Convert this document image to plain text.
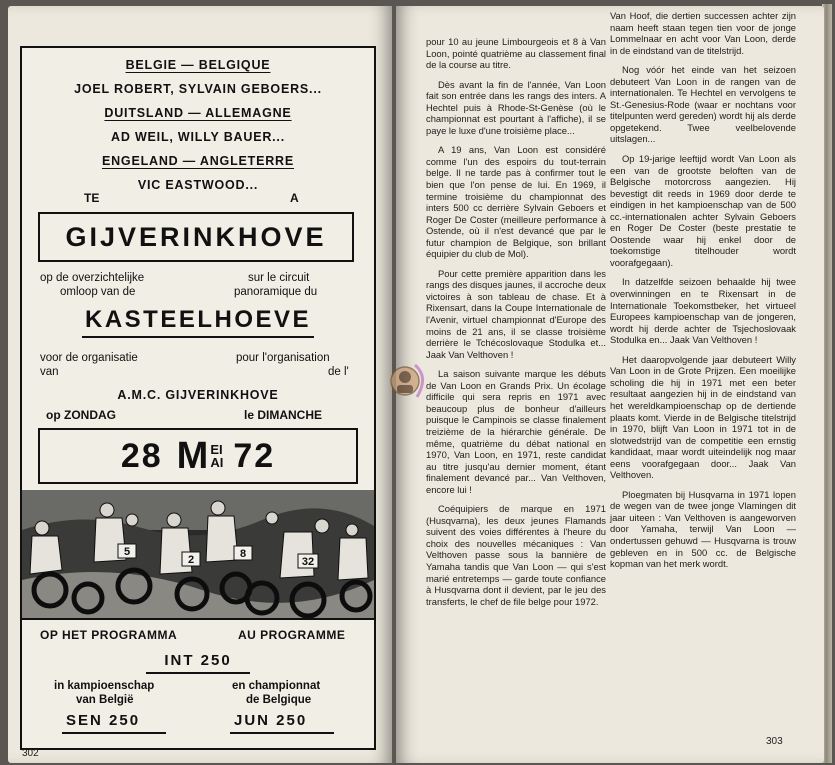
BELGIE — BELGIQUE
JOEL ROBERT, SYLVAIN GEBOERS...
DUITSLAND — ALLEMAGNE
AD WEIL, WILLY BAUER...
ENGELAND — ANGLETERRE
VIC EASTWOOD...
TE	A
GIJVERINKHOVE
op de overzichtelijke	sur le circuit
omloop van de	panoramique du
KASTEELHOEVE
voor de organisatie	pour l'organisation
van	de l'
A.M.C. GIJVERINKHOVE
op ZONDAG	le DIMANCHE
28 M EI
AI 72
5
2	8
32
OP HET PROGRAMMA	AU PROGRAMME
INT 250
in kampioenschap	en championnat
van België	de Belgique
SEN 250	JUN 250
302

pour 10 au jeune Limbourgeois et 8 à Van Loon, pointé quatrième au classement final de la course au titre.

Dès avant la fin de l'année, Van Loon fait son entrée dans les rangs des inters. A Hechtel puis à Rhode-St-Genèse (où le championnat est pourtant à l'affiche), il se paye le luxe d'une troisième place...

A 19 ans, Van Loon est considéré comme l'un des espoirs du tout-terrain belge. Il ne tarde pas à confirmer tout le bien que l'on pense de lui. En 1969, il termine troisième du championnat des inters 500 cc derrière Sylvain Geboers et Roger De Coster (meilleure performance à Ostende, où il n'est devancé que par le futur champion de Belgique, son brillant équipier du club de Mol).

Pour cette première apparition dans les rangs des disques jaunes, il accroche deux victoires à son tableau de chase. Et à Rixensart, dans la Coupe Internationale de l'Avenir, virtuel championnat d'Europe des moins de 21 ans, il se classe troisième derrière le Tchécoslovaque Stodulka et... Jaak Van Velthoven !

La saison suivante marque les débuts de Van Loon en Grands Prix. Un écolage difficile qui sera repris en 1971 avec beaucoup plus de bonheur d'ailleurs puisque le Campinois se classe finalement treizième de la hiérarchie générale. De même, quatrième du débat national en 1970, Van Loon, en 1971, reste candidat au titre jusqu'au dernier moment, étant finalement devancé par... Van Velthoven, encore lui !

Coéquipiers de marque en 1971 (Husqvarna), les deux jeunes Flamands suivent des voies différentes à l'heure du choix des nouvelles mécaniques : Van Velthoven passe sous la bannière de Yamaha tandis que Van Loon — qui s'est marié entretemps — garde toute confiance à Husqvarna dont il devient, par le jeu des transferts, le chef de file belge pour 1972.

Van Hoof, die dertien successen achter zijn naam heeft staan tegen tien voor de jonge Lommelnaar en acht voor Van Loon, derde in de eindstand van de titelstrijd.

Nog vóór het einde van het seizoen debuteert Van Loon in de rangen van de internationalen. Te Hechtel en vervolgens te St.-Genesius-Rode (waar er nochtans voor titelpunten werd gereden) wordt hij als derde opgetekend. Twee veelbelovende uitslagen...

Op 19-jarige leeftijd wordt Van Loon als een van de grootste beloften van de Belgische motorcross aangezien. Hij bevestigt dit reeds in 1969 door derde te eindigen in het kampioenschap van de 500 cc.-internationalen achter Sylvain Geboers en Roger De Coster (beste prestatie te Oostende waar hij enkel door de toekomstige titelhouder wordt voorafgegaan).

In datzelfde seizoen behaalde hij twee overwinningen en te Rixensart in de Internationale Toekomstbeker, het virtueel Europees kampioenschap van de jongeren, wordt hij derde achter de Tsjechoslovaak Stodulka en... Jaak Van Velthoven !

Het daaropvolgende jaar debuteert Willy Van Loon in de Grote Prijzen. Een moeilijke scholing die hij in 1971 met een beter resultaat aangezien hij in de eindstand van het wereldkampioenschap op de dertiende plaats komt. Vierde in de Belgische titelstrijd in 1970, blijft Van Loon in 1971 tot in de slotwedstrijd van de competitie een ernstig kandidaat, maar wordt uiteindelijk nog maar eens voorafgegaan door... Jaak Van Velthoven.

Ploegmaten bij Husqvarna in 1971 lopen de wegen van de twee jonge Vlamingen dit jaar uiteen : Van Velthoven is aangeworven door Yamaha, terwijl Van Loon — ondertussen gehuwd — Husqvarna is trouw gebleven en in 500 cc. de Belgische kopman van het merk wordt.

303
